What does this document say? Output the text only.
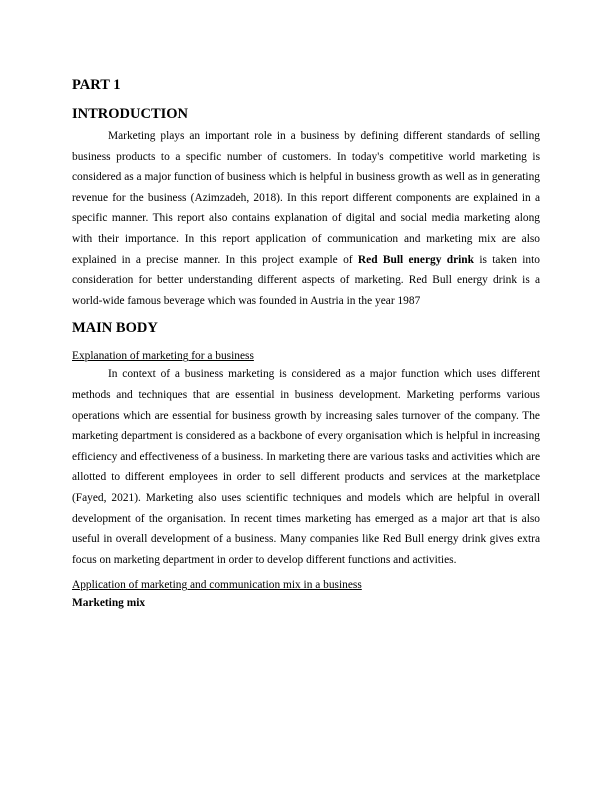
PART 1
INTRODUCTION

Marketing plays an important role in a business by defining different standards of selling business products to a specific number of customers. In today's competitive world marketing is considered as a major function of business which is helpful in business growth as well as in generating revenue for the business (Azimzadeh, 2018). In this report different components are explained in a specific manner. This report also contains explanation of digital and social media marketing along with their importance. In this report application of communication and marketing mix are also explained in a precise manner. In this project example of Red Bull energy drink is taken into consideration for better understanding different aspects of marketing. Red Bull energy drink is a world-wide famous beverage which was founded in Austria in the year 1987

MAIN BODY

Explanation of marketing for a business

In context of a business marketing is considered as a major function which uses different methods and techniques that are essential in business development. Marketing performs various operations which are essential for business growth by increasing sales turnover of the company. The marketing department is considered as a backbone of every organisation which is helpful in increasing efficiency and effectiveness of a business. In marketing there are various tasks and activities which are allotted to different employees in order to sell different products and services at the marketplace (Fayed, 2021). Marketing also uses scientific techniques and models which are helpful in overall development of the organisation. In recent times marketing has emerged as a major art that is also useful in overall development of a business. Many companies like Red Bull energy drink gives extra focus on marketing department in order to develop different functions and activities.

Application of marketing and communication mix in a business

Marketing mix
